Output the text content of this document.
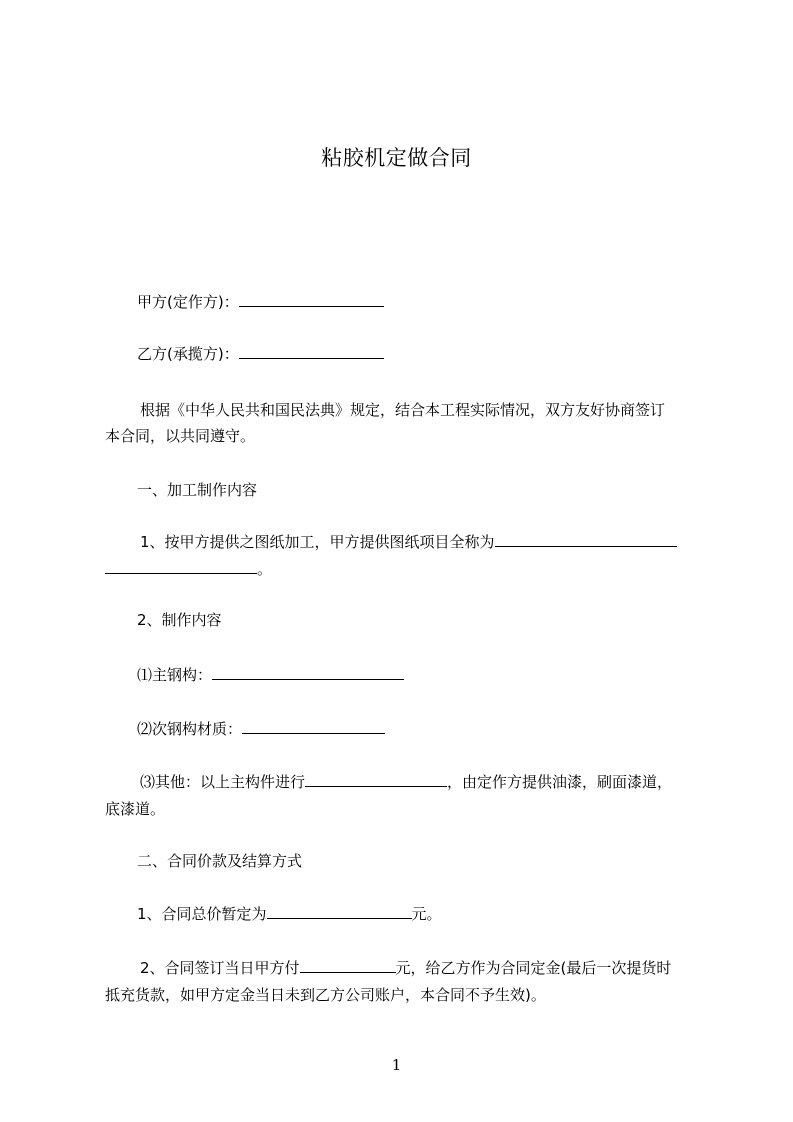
粘胶机定做合同
甲方(定作方)：
乙方(承揽方)：
根据《中华人民共和国民法典》规定，结合本工程实际情况，双方友好协商签订
本合同，以共同遵守。
一、加工制作内容
1、按甲方提供之图纸加工，甲方提供图纸项目全称为
。
2、制作内容
⑴主钢构：
⑵次钢构材质：
⑶其他：以上主构件进行	，由定作方提供油漆，刷面漆道，
底漆道。
二、合同价款及结算方式
1、合同总价暂定为	元。
2、合同签订当日甲方付	元，给乙方作为合同定金(最后一次提货时
抵充货款，如甲方定金当日未到乙方公司账户，本合同不予生效)。
1
